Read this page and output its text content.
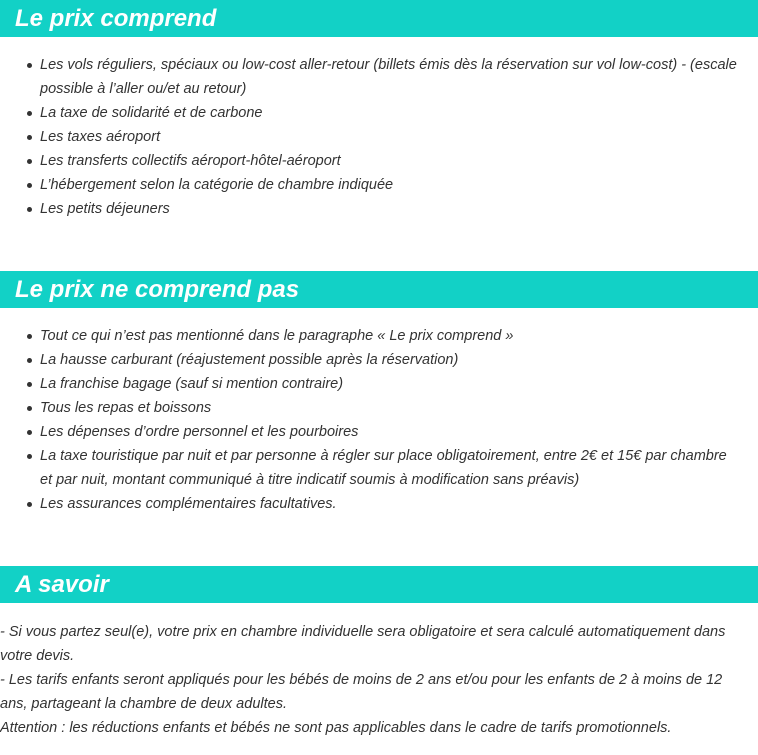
Le prix comprend
Les vols réguliers, spéciaux ou low-cost aller-retour (billets émis dès la réservation sur vol low-cost) - (escale possible à l’aller ou/et au retour)
La taxe de solidarité et de carbone
Les taxes aéroport
Les transferts collectifs aéroport-hôtel-aéroport
L’hébergement selon la catégorie de chambre indiquée
Les petits déjeuners
Le prix ne comprend pas
Tout ce qui n’est pas mentionné dans le paragraphe « Le prix comprend »
La hausse carburant (réajustement possible après la réservation)
La franchise bagage (sauf si mention contraire)
Tous les repas et boissons
Les dépenses d’ordre personnel et les pourboires
La taxe touristique par nuit et par personne à régler sur place obligatoirement, entre 2€ et 15€ par chambre et par nuit, montant communiqué à titre indicatif soumis à modification sans préavis)
Les assurances complémentaires facultatives.
A savoir

- Si vous partez seul(e), votre prix en chambre individuelle sera obligatoire et sera calculé automatiquement dans votre devis.

- Les tarifs enfants seront appliqués pour les bébés de moins de 2 ans et/ou pour les enfants de 2 à moins de 12 ans, partageant la chambre de deux adultes.

Attention : les réductions enfants et bébés ne sont pas applicables dans le cadre de tarifs promotionnels.
